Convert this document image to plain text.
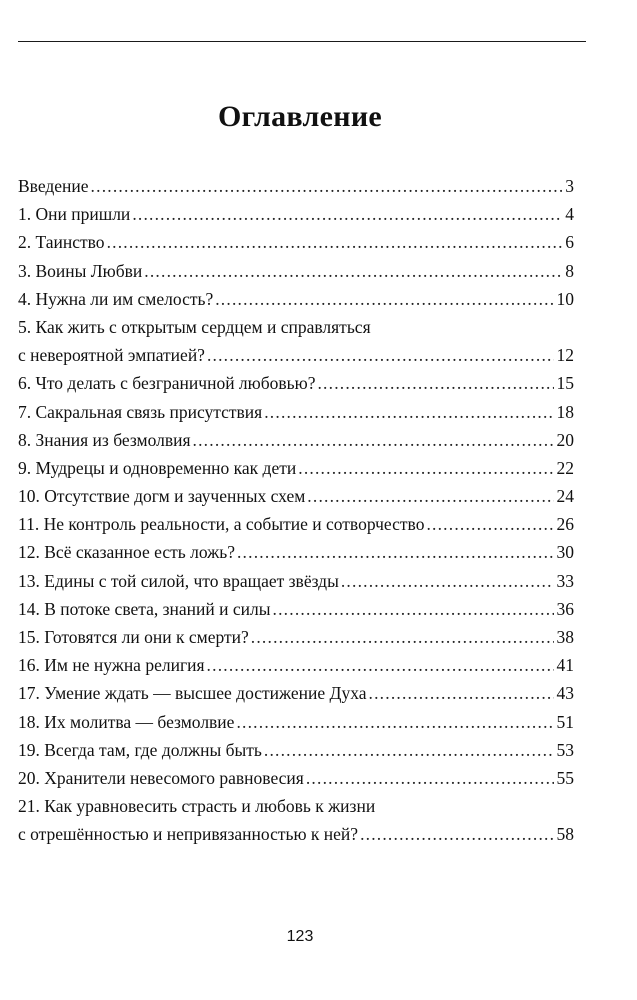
Оглавление
Введение .....	3
1. Они пришли .....	4
2. Таинство .....	6
3. Воины Любви .....	8
4. Нужна ли им смелость? .....	10
5. Как жить с открытым сердцем и справляться
с невероятной эмпатией? .....	12
6. Что делать с безграничной любовью? .....	15
7. Сакральная связь присутствия .....	18
8. Знания из безмолвия .....	20
9. Мудрецы и одновременно как дети .....	22
10. Отсутствие догм и заученных схем .....	24
11. Не контроль реальности, а событие и сотворчество .....	26
12. Всё сказанное есть ложь? .....	30
13. Едины с той силой, что вращает звёзды .....	33
14. В потоке света, знаний и силы .....	36
15. Готовятся ли они к смерти? .....	38
16. Им не нужна религия .....	41
17. Умение ждать — высшее достижение Духа .....	43
18. Их молитва — безмолвие .....	51
19. Всегда там, где должны быть .....	53
20. Хранители невесомого равновесия .....	55
21. Как уравновесить страсть и любовь к жизни
с отрешённостью и непривязанностью к ней? .....	58
123
